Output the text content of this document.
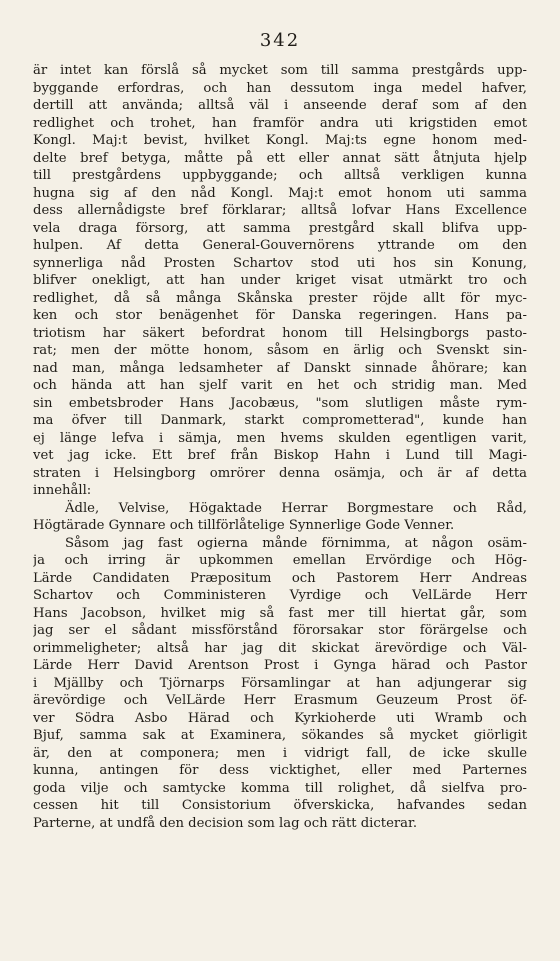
342
är intet kan förslå så mycket som till samma prestgårds upp-
byggande erfordras, och han dessutom inga medel hafver,
dertill att använda; alltså väl i anseende deraf som af den
redlighet och trohet, han framför andra uti krigstiden emot
Kongl. Maj:t bevist, hvilket Kongl. Maj:ts egne honom med-
delte bref betyga, måtte på ett eller annat sätt åtnjuta hjelp
till prestgårdens uppbyggande; och alltså verkligen kunna
hugna sig af den nåd Kongl. Maj:t emot honom uti samma
dess allernådigste bref förklarar; alltså lofvar Hans Excellence
vela draga försorg, att samma prestgård skall blifva upp-
hulpen. Af detta General-Gouvernörens yttrande om den
synnerliga nåd Prosten Schartov stod uti hos sin Konung,
blifver onekligt, att han under kriget visat utmärkt tro och
redlighet, då så många Skånska prester röjde allt för myc-
ken och stor benägenhet för Danska regeringen. Hans pa-
triotism har säkert befordrat honom till Helsingborgs pasto-
rat; men der mötte honom, såsom en ärlig och Svenskt sin-
nad man, många ledsamheter af Danskt sinnade åhörare; kan
och hända att han sjelf varit en het och stridig man. Med
sin embetsbroder Hans Jacobæus, "som slutligen måste rym-
ma öfver till Danmark, starkt comprometterad", kunde han
ej länge lefva i sämja, men hvems skulden egentligen varit,
vet jag icke. Ett bref från Biskop Hahn i Lund till Magi-
straten i Helsingborg omrörer denna osämja, och är af detta
innehåll:
Ädle, Velvise, Högaktade Herrar Borgmestare och Råd,
Högtärade Gynnare och tillförlåtelige Synnerlige Gode Venner.
Såsom jag fast ogierna månde förnimma, at någon osäm-
ja och irring är upkommen emellan Ervördige och Hög-
Lärde Candidaten Præpositum och Pastorem Herr Andreas
Schartov och Comministeren Vyrdige och VelLärde Herr
Hans Jacobson, hvilket mig så fast mer till hiertat går, som
jag ser el sådant missförstånd förorsakar stor förärgelse och
orimmeligheter; altså har jag dit skickat ärevördige och Väl-
Lärde Herr David Arentson Prost i Gynga härad och Pastor
i Mjällby och Tjörnarps Församlingar at han adjungerar sig
ärevördige och VelLärde Herr Erasmum Geuzeum Prost öf-
ver Södra Asbo Härad och Kyrkioherde uti Wramb och
Bjuf, samma sak at Examinera, sökandes så mycket giörligit
är, den at componera; men i vidrigt fall, de icke skulle
kunna, antingen för dess vicktighet, eller med Parternes
goda vilje och samtycke komma till rolighet, då sielfva pro-
cessen hit till Consistorium öfverskicka, hafvandes sedan
Parterne, at undfå den decision som lag och rätt dicterar.
